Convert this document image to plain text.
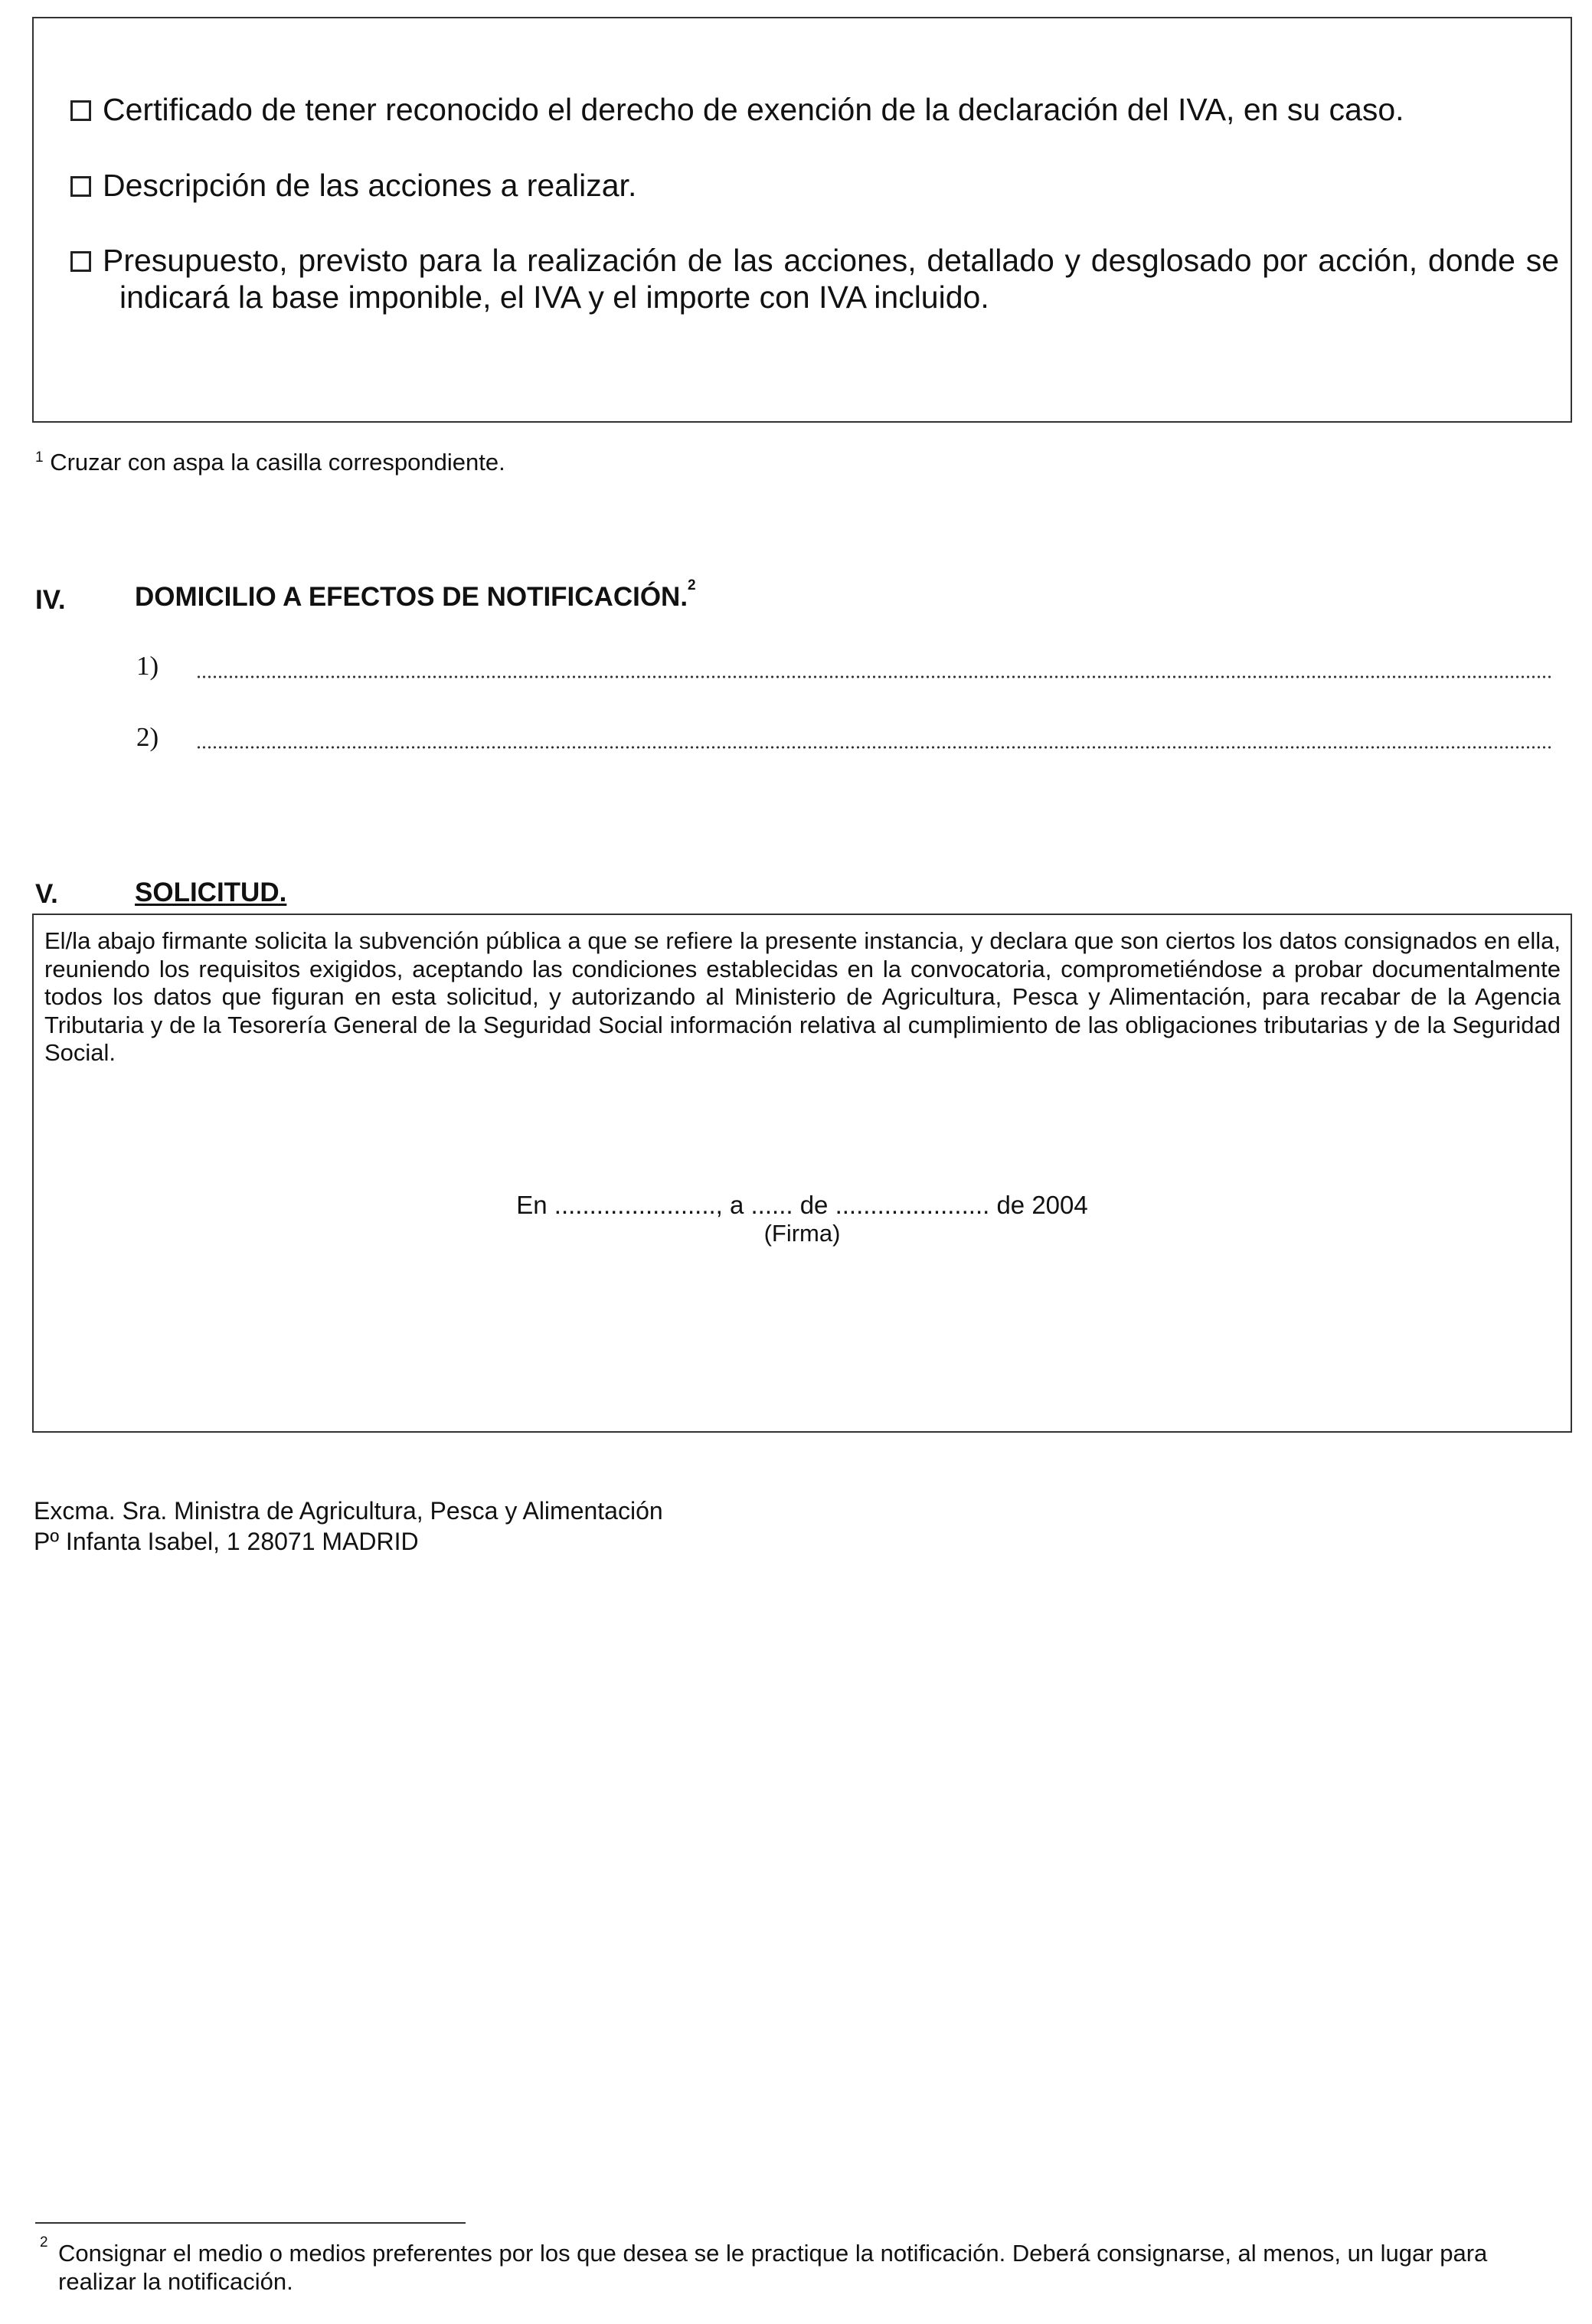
Certificado de tener reconocido el derecho de exención de la declaración del IVA, en su caso.
Descripción de las acciones a realizar.
Presupuesto, previsto para la realización de las acciones, detallado y desglosado por acción, donde se indicará la base imponible, el IVA y el importe con IVA incluido.
$^1$ Cruzar con aspa la casilla correspondiente.
IV.	DOMICILIO A EFECTOS DE NOTIFICACIÓN.$^2$
1)
2)
V.	SOLICITUD.
El/la abajo firmante solicita la subvención pública a que se refiere la presente instancia, y declara que son ciertos los datos consignados en ella, reuniendo los requisitos exigidos, aceptando las condiciones establecidas en la convocatoria, comprometiéndose a probar documentalmente todos los datos que figuran en esta solicitud, y autorizando al Ministerio de Agricultura, Pesca y Alimentación, para recabar de la Agencia Tributaria y de la Tesorería General de la Seguridad Social información relativa al cumplimiento de las obligaciones tributarias y de la Seguridad Social.
En ......................., a ...... de ...................... de 2004
(Firma)
Excma. Sra. Ministra de Agricultura, Pesca y Alimentación
Pº Infanta Isabel, 1 28071 MADRID
$^2$ Consignar el medio o medios preferentes por los que desea se le practique la notificación. Deberá consignarse, al menos, un lugar para realizar la notificación.
